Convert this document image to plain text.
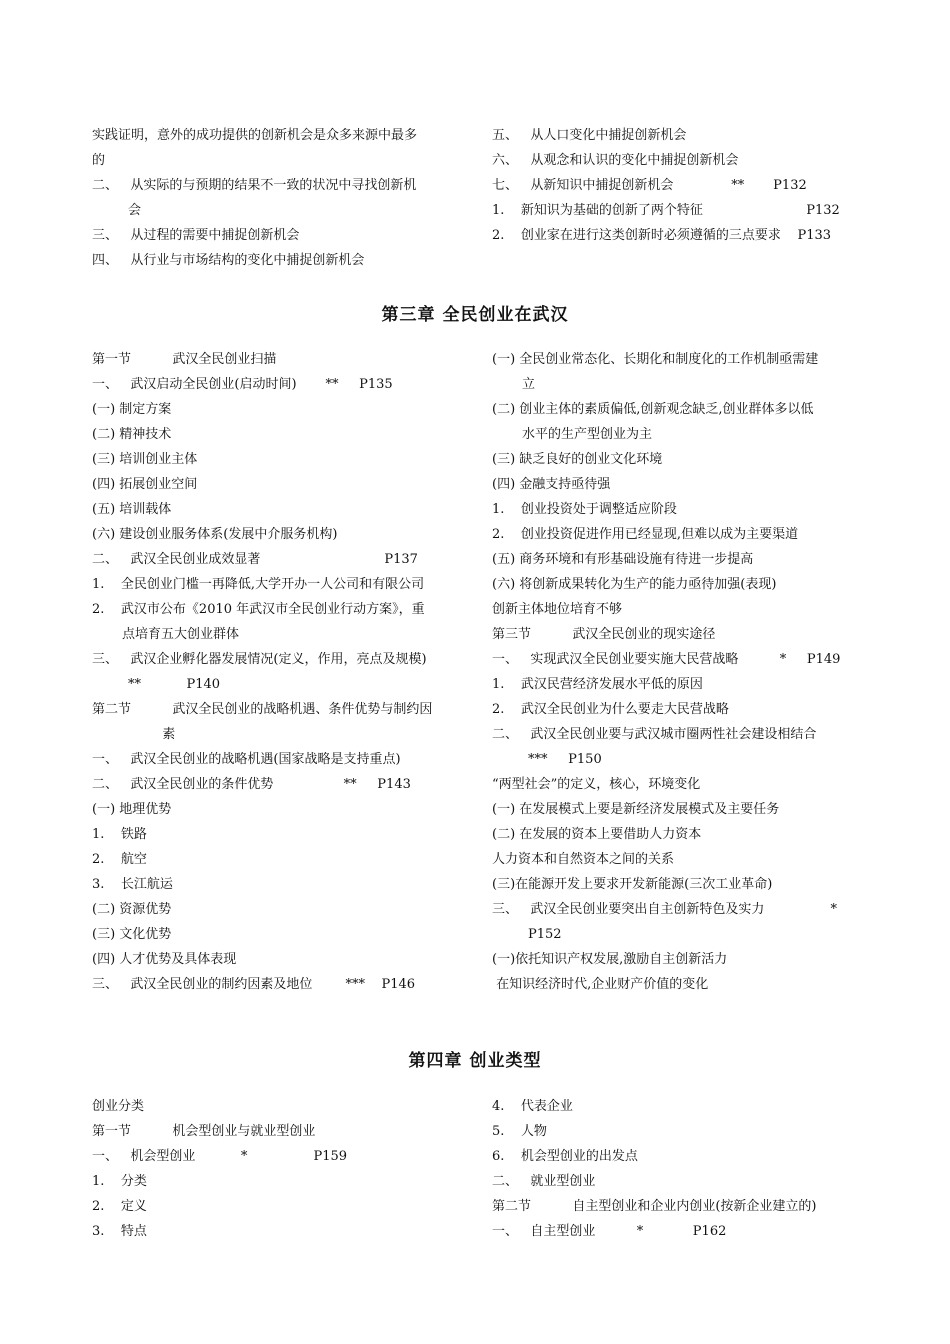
实践证明，意外的成功提供的创新机会是众多来源中最多
的
二、   从实际的与预期的结果不一致的状况中寻找创新机
会
三、   从过程的需要中捕捉创新机会
四、   从行业与市场结构的变化中捕捉创新机会
五、   从人口变化中捕捉创新机会
六、   从观念和认识的变化中捕捉创新机会
七、   从新知识中捕捉创新机会              **       P132
1.    新知识为基础的创新了两个特征                         P132
2.    创业家在进行这类创新时必须遵循的三点要求    P133
第三章 全民创业在武汉
第一节          武汉全民创业扫描
一、   武汉启动全民创业(启动时间)       **     P135
(一) 制定方案
(二) 精神技术
(三) 培训创业主体
(四) 拓展创业空间
(五) 培训载体
(六) 建设创业服务体系(发展中介服务机构)
二、   武汉全民创业成效显著                              P137
1.    全民创业门槛一再降低,大学开办一人公司和有限公司
2.    武汉市公布《2010 年武汉市全民创业行动方案》，重
点培育五大创业群体
三、   武汉企业孵化器发展情况(定义，作用，亮点及规模)
**           P140
第二节          武汉全民创业的战略机遇、条件优势与制约因
素
一、   武汉全民创业的战略机遇(国家战略是支持重点)
二、   武汉全民创业的条件优势                 **     P143
(一) 地理优势
1.    铁路
2.    航空
3.    长江航运
(二) 资源优势
(三) 文化优势
(四) 人才优势及具体表现
三、   武汉全民创业的制约因素及地位        ***    P146
(一) 全民创业常态化、长期化和制度化的工作机制亟需建
立
(二) 创业主体的素质偏低,创新观念缺乏,创业群体多以低
水平的生产型创业为主
(三) 缺乏良好的创业文化环境
(四) 金融支持亟待强
1.    创业投资处于调整适应阶段
2.    创业投资促进作用已经显现,但难以成为主要渠道
(五) 商务环境和有形基础设施有待进一步提高
(六) 将创新成果转化为生产的能力亟待加强(表现)
创新主体地位培育不够
第三节          武汉全民创业的现实途径
一、   实现武汉全民创业要实施大民营战略          *     P149
1.    武汉民营经济发展水平低的原因
2.    武汉全民创业为什么要走大民营战略
二、   武汉全民创业要与武汉城市圈两性社会建设相结合
***     P150
“两型社会”的定义，核心，环境变化
(一) 在发展模式上要是新经济发展模式及主要任务
(二) 在发展的资本上要借助人力资本
人力资本和自然资本之间的关系
(三)在能源开发上要求开发新能源(三次工业革命)
三、   武汉全民创业要突出自主创新特色及实力                *
P152
(一)依托知识产权发展,激励自主创新活力
在知识经济时代,企业财产价值的变化
第四章 创业类型
创业分类
第一节          机会型创业与就业型创业
一、   机会型创业           *                P159
1.    分类
2.    定义
3.    特点
4.    代表企业
5.    人物
6.    机会型创业的出发点
二、   就业型创业
第二节          自主型创业和企业内创业(按新企业建立的)
一、   自主型创业          *            P162
